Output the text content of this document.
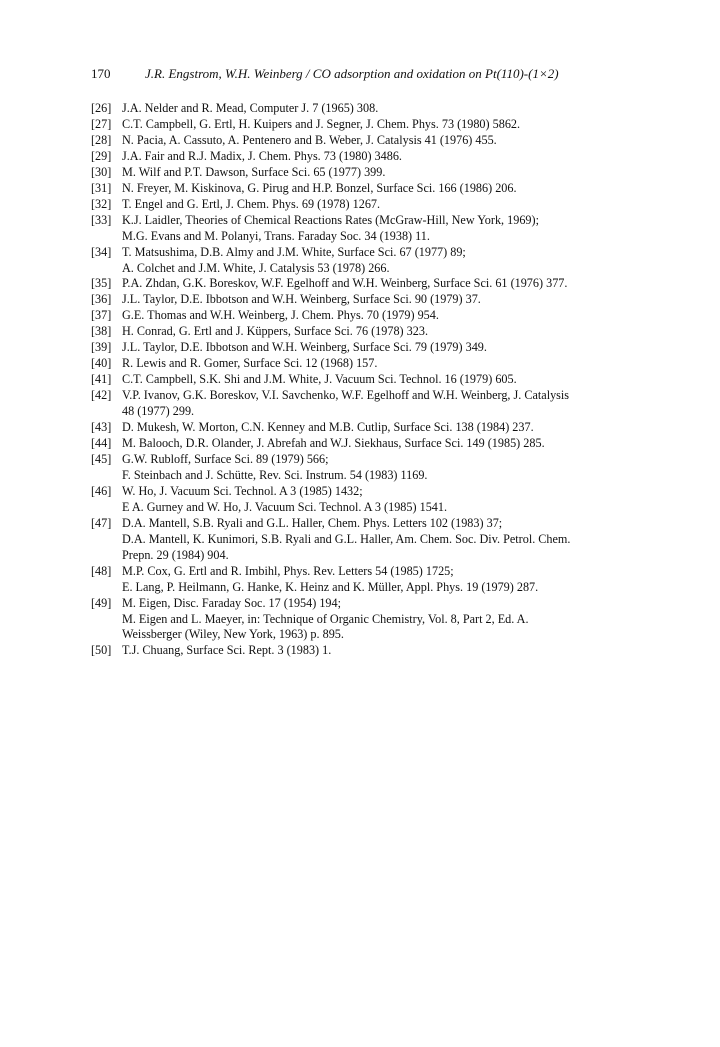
170	J.R. Engstrom, W.H. Weinberg / CO adsorption and oxidation on Pt(110)-(1×2)
[26] J.A. Nelder and R. Mead, Computer J. 7 (1965) 308.
[27] C.T. Campbell, G. Ertl, H. Kuipers and J. Segner, J. Chem. Phys. 73 (1980) 5862.
[28] N. Pacia, A. Cassuto, A. Pentenero and B. Weber, J. Catalysis 41 (1976) 455.
[29] J.A. Fair and R.J. Madix, J. Chem. Phys. 73 (1980) 3486.
[30] M. Wilf and P.T. Dawson, Surface Sci. 65 (1977) 399.
[31] N. Freyer, M. Kiskinova, G. Pirug and H.P. Bonzel, Surface Sci. 166 (1986) 206.
[32] T. Engel and G. Ertl, J. Chem. Phys. 69 (1978) 1267.
[33] K.J. Laidler, Theories of Chemical Reactions Rates (McGraw-Hill, New York, 1969);
M.G. Evans and M. Polanyi, Trans. Faraday Soc. 34 (1938) 11.
[34] T. Matsushima, D.B. Almy and J.M. White, Surface Sci. 67 (1977) 89;
A. Colchet and J.M. White, J. Catalysis 53 (1978) 266.
[35] P.A. Zhdan, G.K. Boreskov, W.F. Egelhoff and W.H. Weinberg, Surface Sci. 61 (1976) 377.
[36] J.L. Taylor, D.E. Ibbotson and W.H. Weinberg, Surface Sci. 90 (1979) 37.
[37] G.E. Thomas and W.H. Weinberg, J. Chem. Phys. 70 (1979) 954.
[38] H. Conrad, G. Ertl and J. Küppers, Surface Sci. 76 (1978) 323.
[39] J.L. Taylor, D.E. Ibbotson and W.H. Weinberg, Surface Sci. 79 (1979) 349.
[40] R. Lewis and R. Gomer, Surface Sci. 12 (1968) 157.
[41] C.T. Campbell, S.K. Shi and J.M. White, J. Vacuum Sci. Technol. 16 (1979) 605.
[42] V.P. Ivanov, G.K. Boreskov, V.I. Savchenko, W.F. Egelhoff and W.H. Weinberg, J. Catalysis
48 (1977) 299.
[43] D. Mukesh, W. Morton, C.N. Kenney and M.B. Cutlip, Surface Sci. 138 (1984) 237.
[44] M. Balooch, D.R. Olander, J. Abrefah and W.J. Siekhaus, Surface Sci. 149 (1985) 285.
[45] G.W. Rubloff, Surface Sci. 89 (1979) 566;
F. Steinbach and J. Schütte, Rev. Sci. Instrum. 54 (1983) 1169.
[46] W. Ho, J. Vacuum Sci. Technol. A 3 (1985) 1432;
E A. Gurney and W. Ho, J. Vacuum Sci. Technol. A 3 (1985) 1541.
[47] D.A. Mantell, S.B. Ryali and G.L. Haller, Chem. Phys. Letters 102 (1983) 37;
D.A. Mantell, K. Kunimori, S.B. Ryali and G.L. Haller, Am. Chem. Soc. Div. Petrol. Chem.
Prepn. 29 (1984) 904.
[48] M.P. Cox, G. Ertl and R. Imbihl, Phys. Rev. Letters 54 (1985) 1725;
E. Lang, P. Heilmann, G. Hanke, K. Heinz and K. Müller, Appl. Phys. 19 (1979) 287.
[49] M. Eigen, Disc. Faraday Soc. 17 (1954) 194;
M. Eigen and L. Maeyer, in: Technique of Organic Chemistry, Vol. 8, Part 2, Ed. A.
Weissberger (Wiley, New York, 1963) p. 895.
[50] T.J. Chuang, Surface Sci. Rept. 3 (1983) 1.
